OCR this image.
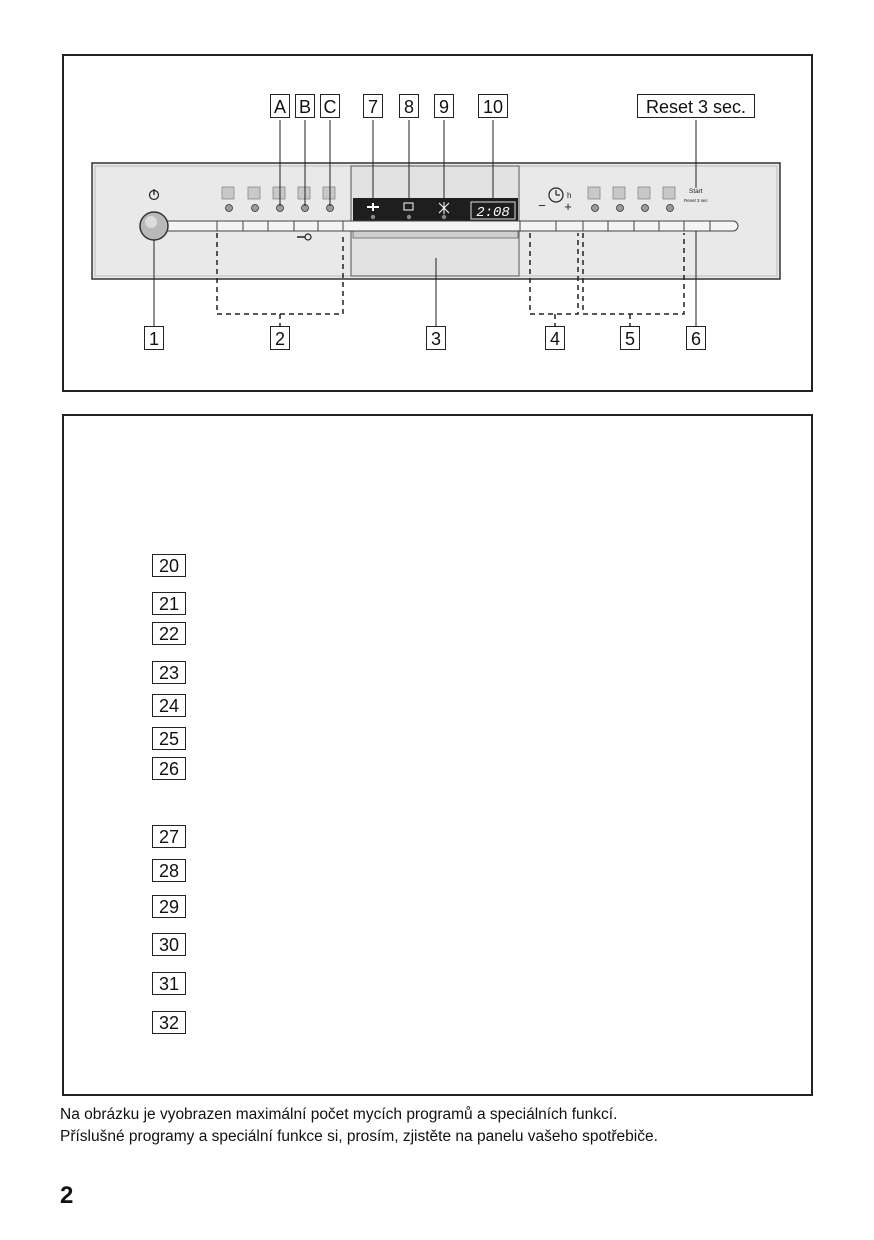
2:08
h
− +
Start
Reset 3 sec
A B C 7 8 9 10	Reset 3 sec.
1	2	3	4	5	6
20
21
22
23
24
25
26
27
28
29
30
31
32
Na obrázku je vyobrazen maximální počet mycích programů a speciálních funkcí.
Příslušné programy a speciální funkce si, prosím, zjistěte na panelu vašeho spotřebiče.
2
